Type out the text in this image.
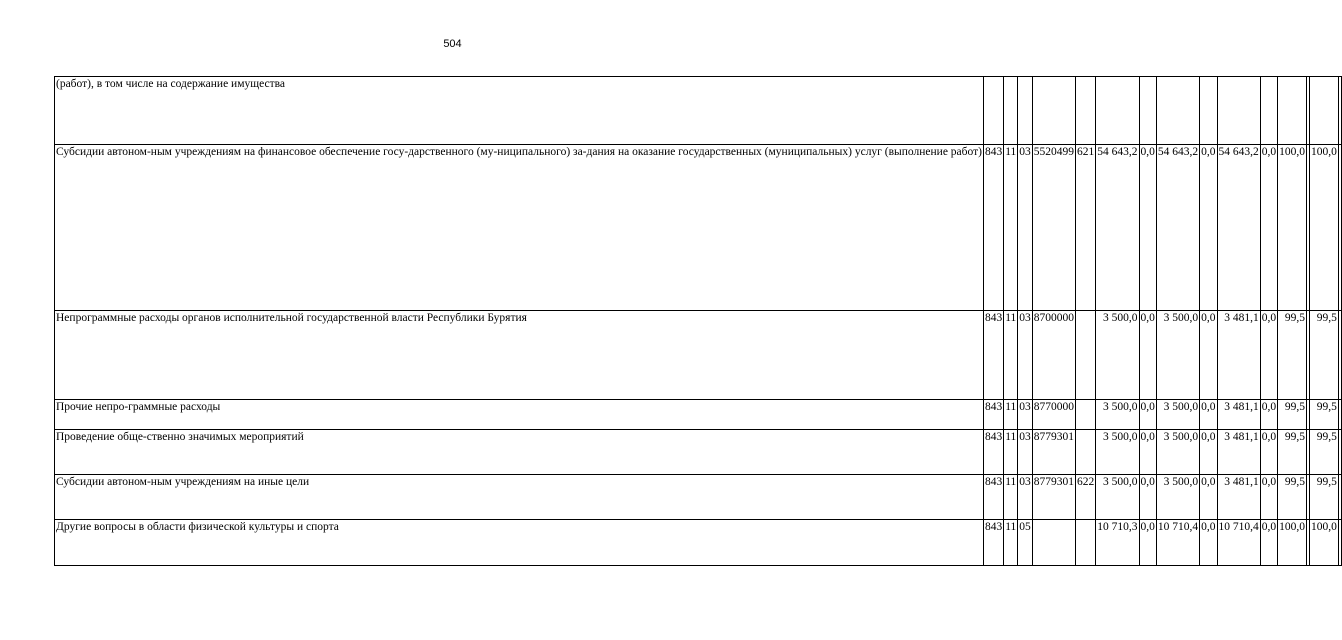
504
(работ), в том числе на содержание имущества															
Субсидии автоном-ным учреждениям на финансовое обеспечение госу-дарственного (му-ниципального) за-дания на оказание государственных (муниципальных) услуг (выполнение работ)	843	11	03	5520499	621	54 643,2	0,0	54 643,2	0,0	54 643,2	0,0	100,0		100,0	
Непрограммные расходы органов исполнительной государственной власти Республики Бурятия	843	11	03	8700000		3 500,0	0,0	3 500,0	0,0	3 481,1	0,0	99,5		99,5	
Прочие непро-граммные расходы	843	11	03	8770000		3 500,0	0,0	3 500,0	0,0	3 481,1	0,0	99,5		99,5	
Проведение обще-ственно значимых мероприятий	843	11	03	8779301		3 500,0	0,0	3 500,0	0,0	3 481,1	0,0	99,5		99,5	
Субсидии автоном-ным учреждениям на иные цели	843	11	03	8779301	622	3 500,0	0,0	3 500,0	0,0	3 481,1	0,0	99,5		99,5	
Другие вопросы в области физической культуры и спорта	843	11	05			10 710,3	0,0	10 710,4	0,0	10 710,4	0,0	100,0		100,0	
